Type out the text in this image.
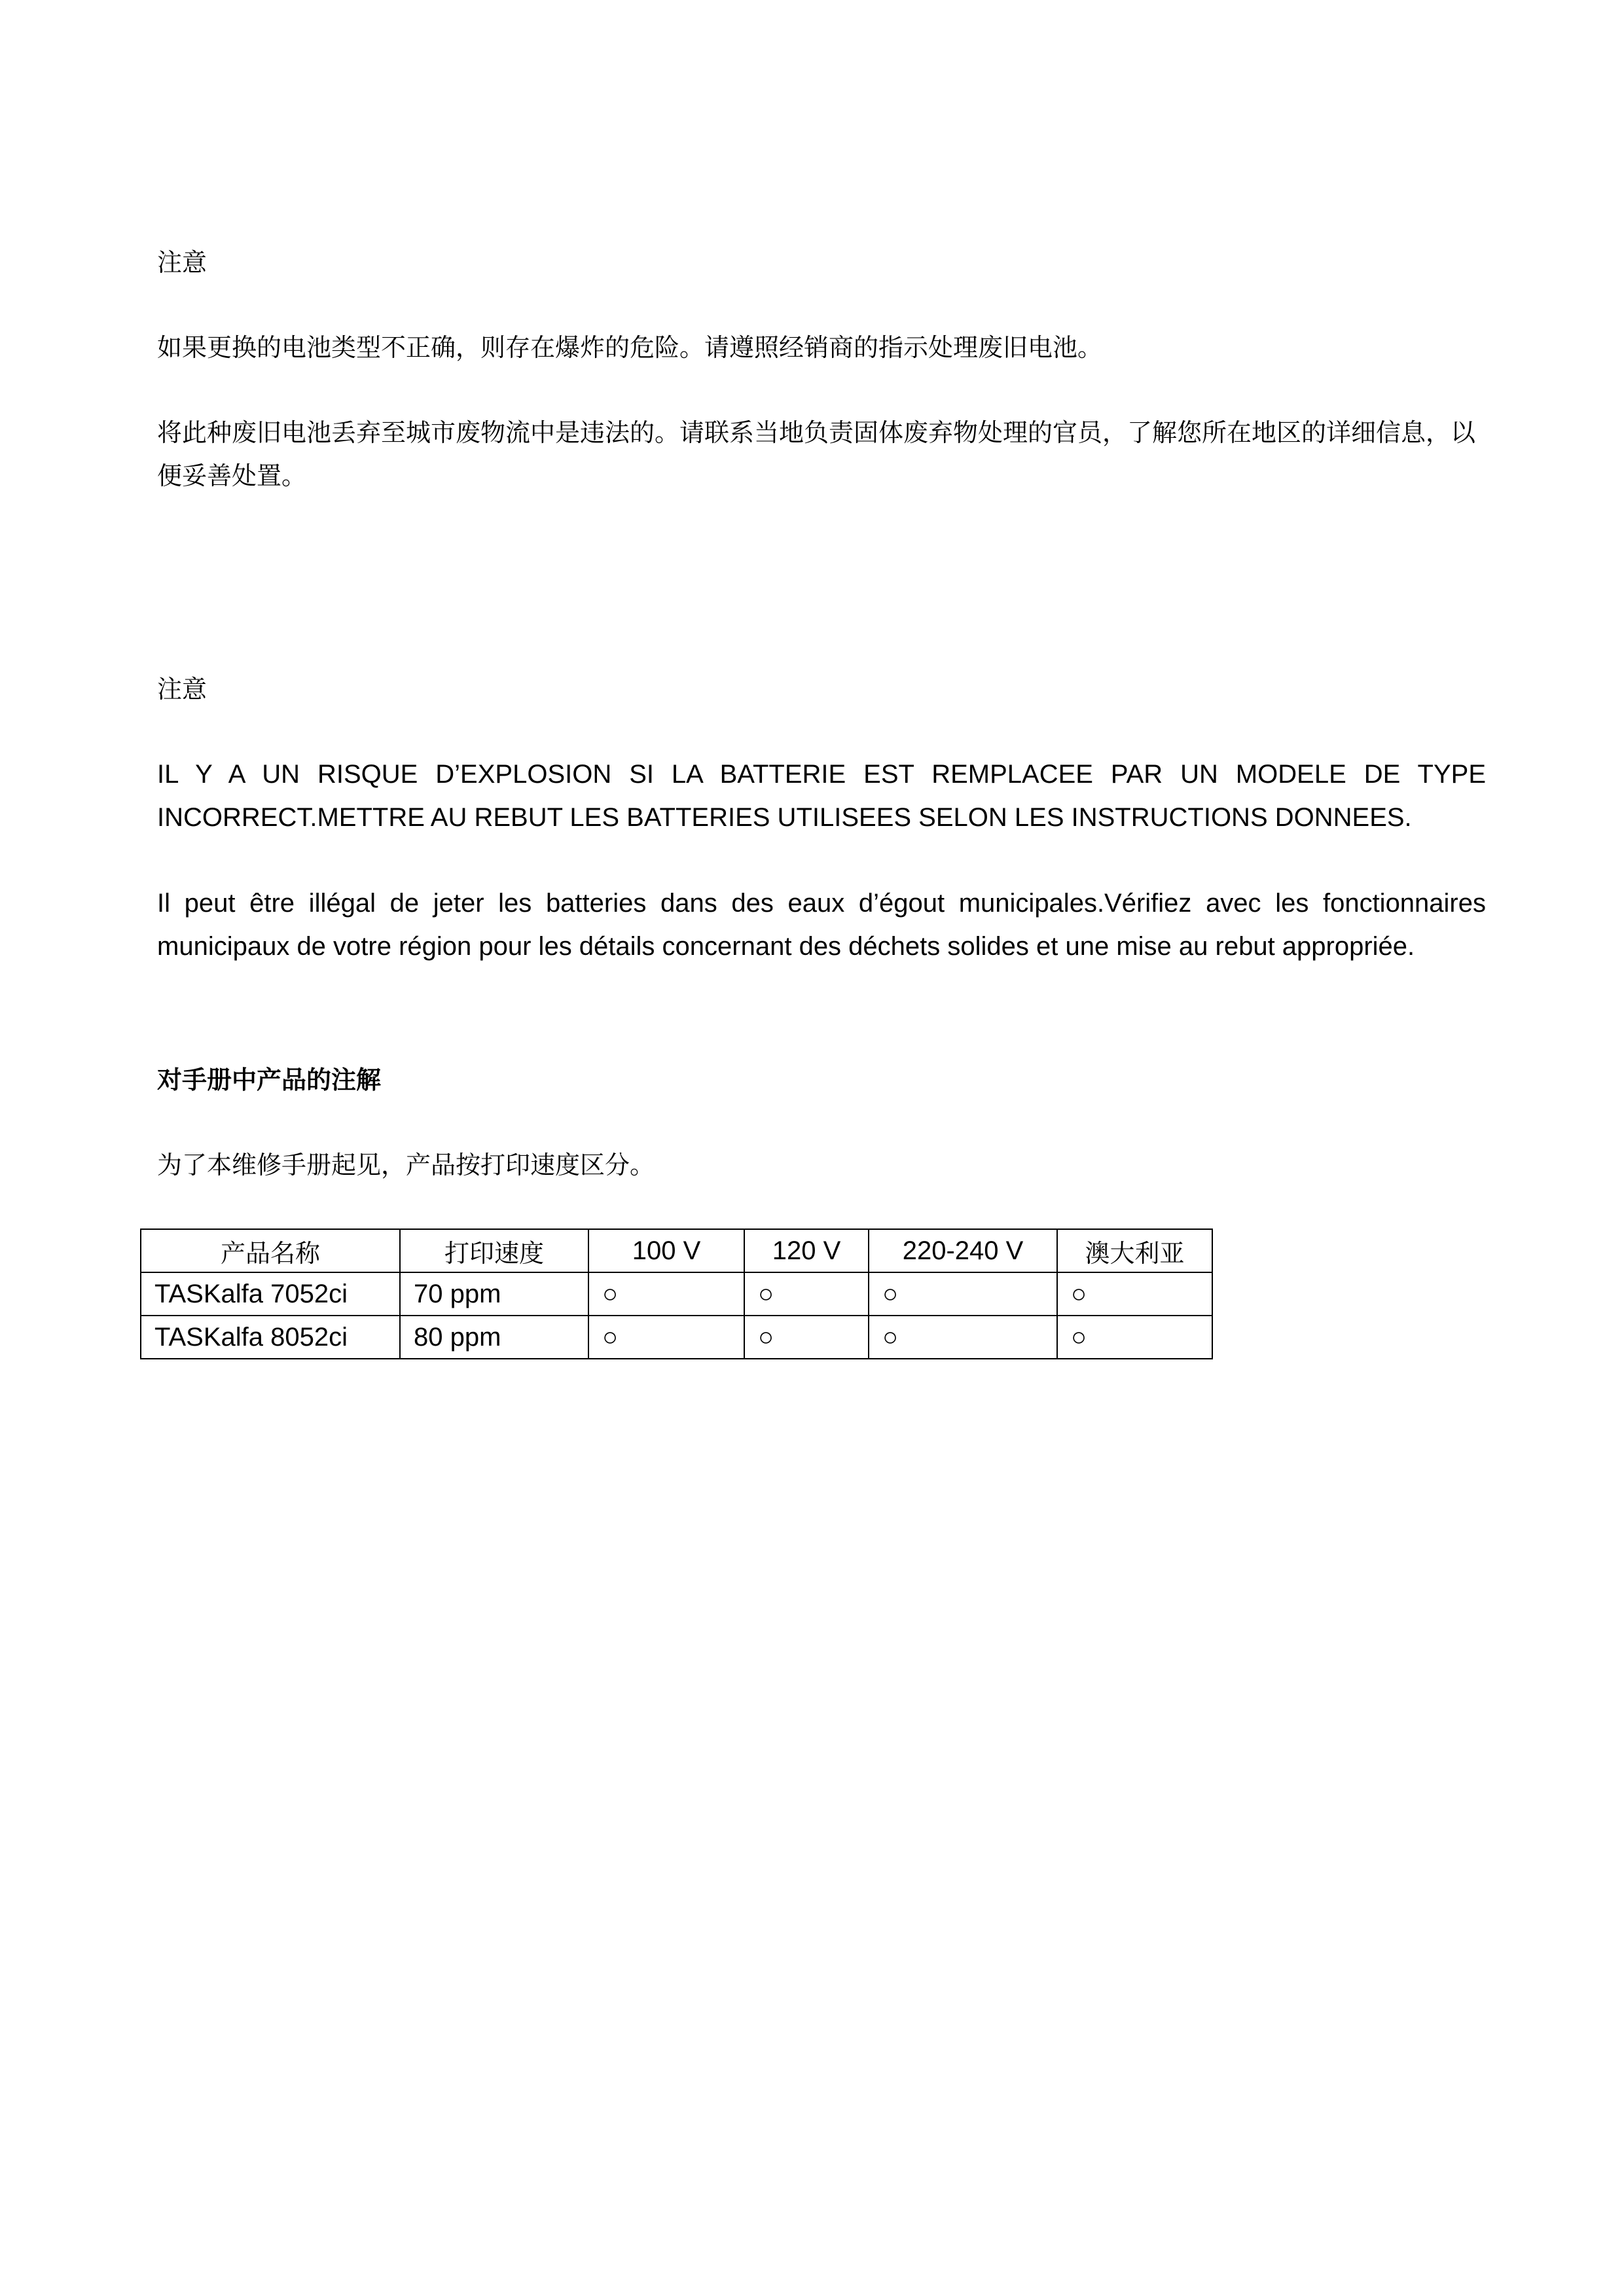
注意

如果更换的电池类型不正确，则存在爆炸的危险。请遵照经销商的指示处理废旧电池。

将此种废旧电池丢弃至城市废物流中是违法的。请联系当地负责固体废弃物处理的官员，了解您所在地区的详细信息，以便妥善处置。

注意

IL Y A UN RISQUE D’EXPLOSION SI LA BATTERIE EST REMPLACEE PAR UN MODELE DE TYPE INCORRECT.METTRE AU REBUT LES BATTERIES UTILISEES SELON LES INSTRUCTIONS DONNEES.

Il peut être illégal de jeter les batteries dans des eaux d’égout municipales.Vérifiez avec les fonctionnaires municipaux de votre région pour les détails concernant des déchets solides et une mise au rebut appropriée.

对手册中产品的注解

为了本维修手册起见，产品按打印速度区分。

产品名称	打印速度	100 V	120 V	220-240 V	澳大利亚
TASKalfa 7052ci	70 ppm	○	○	○	○
TASKalfa 8052ci	80 ppm	○	○	○	○
